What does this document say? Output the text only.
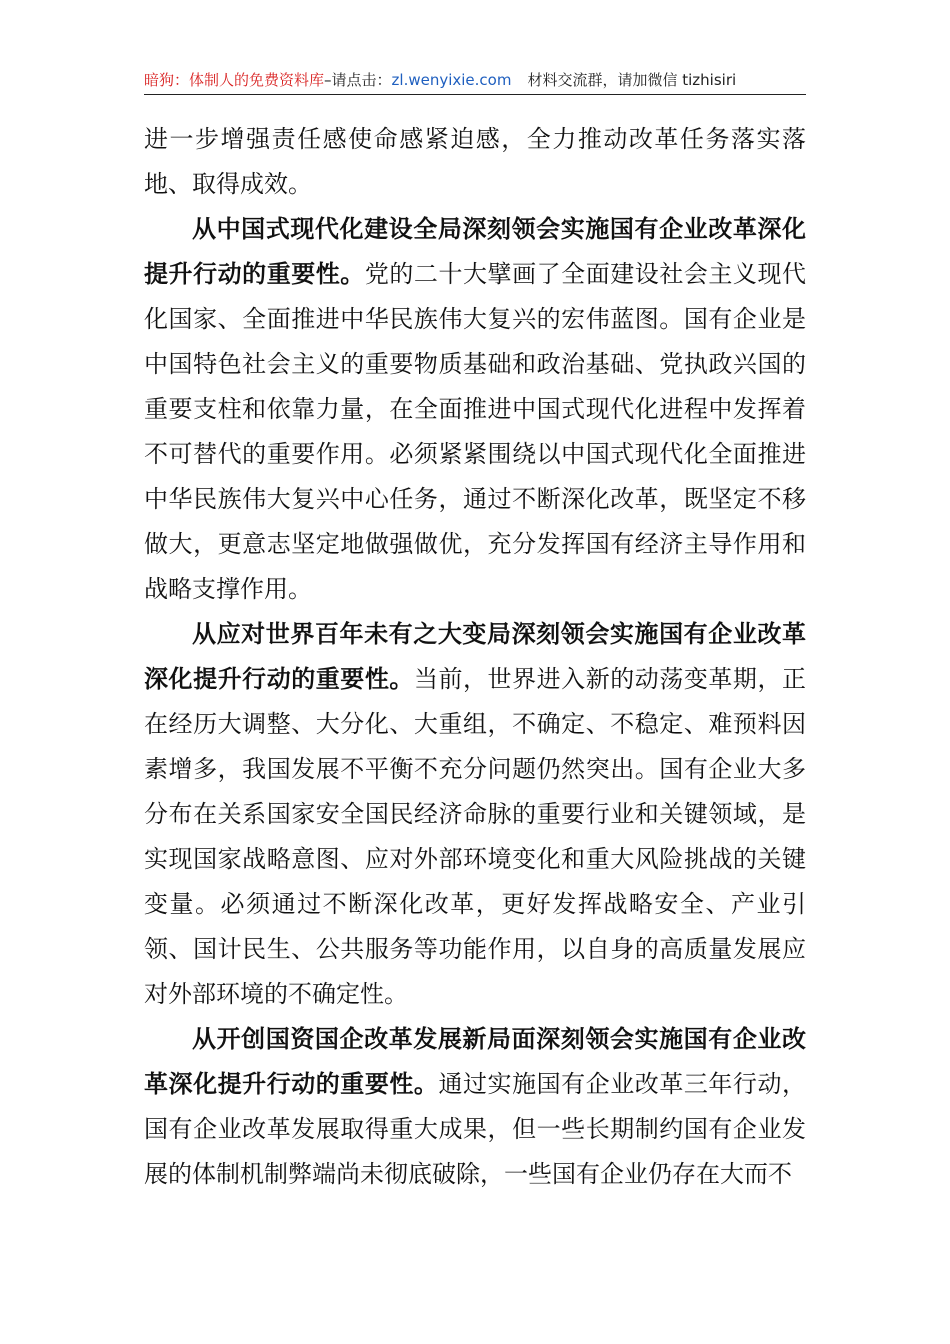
暗狗：体制人的免费资料库–请点击：zl.wenyixie.com 材料交流群，请加微信 tizhisiri

进一步增强责任感使命感紧迫感，全力推动改革任务落实落地、取得成效。

从中国式现代化建设全局深刻领会实施国有企业改革深化提升行动的重要性。党的二十大擘画了全面建设社会主义现代化国家、全面推进中华民族伟大复兴的宏伟蓝图。国有企业是中国特色社会主义的重要物质基础和政治基础、党执政兴国的重要支柱和依靠力量，在全面推进中国式现代化进程中发挥着不可替代的重要作用。必须紧紧围绕以中国式现代化全面推进中华民族伟大复兴中心任务，通过不断深化改革，既坚定不移做大，更意志坚定地做强做优，充分发挥国有经济主导作用和战略支撑作用。

从应对世界百年未有之大变局深刻领会实施国有企业改革深化提升行动的重要性。当前，世界进入新的动荡变革期，正在经历大调整、大分化、大重组，不确定、不稳定、难预料因素增多，我国发展不平衡不充分问题仍然突出。国有企业大多分布在关系国家安全国民经济命脉的重要行业和关键领域，是实现国家战略意图、应对外部环境变化和重大风险挑战的关键变量。必须通过不断深化改革，更好发挥战略安全、产业引领、国计民生、公共服务等功能作用，以自身的高质量发展应对外部环境的不确定性。

从开创国资国企改革发展新局面深刻领会实施国有企业改革深化提升行动的重要性。通过实施国有企业改革三年行动，国有企业改革发展取得重大成果，但一些长期制约国有企业发展的体制机制弊端尚未彻底破除，一些国有企业仍存在大而不
